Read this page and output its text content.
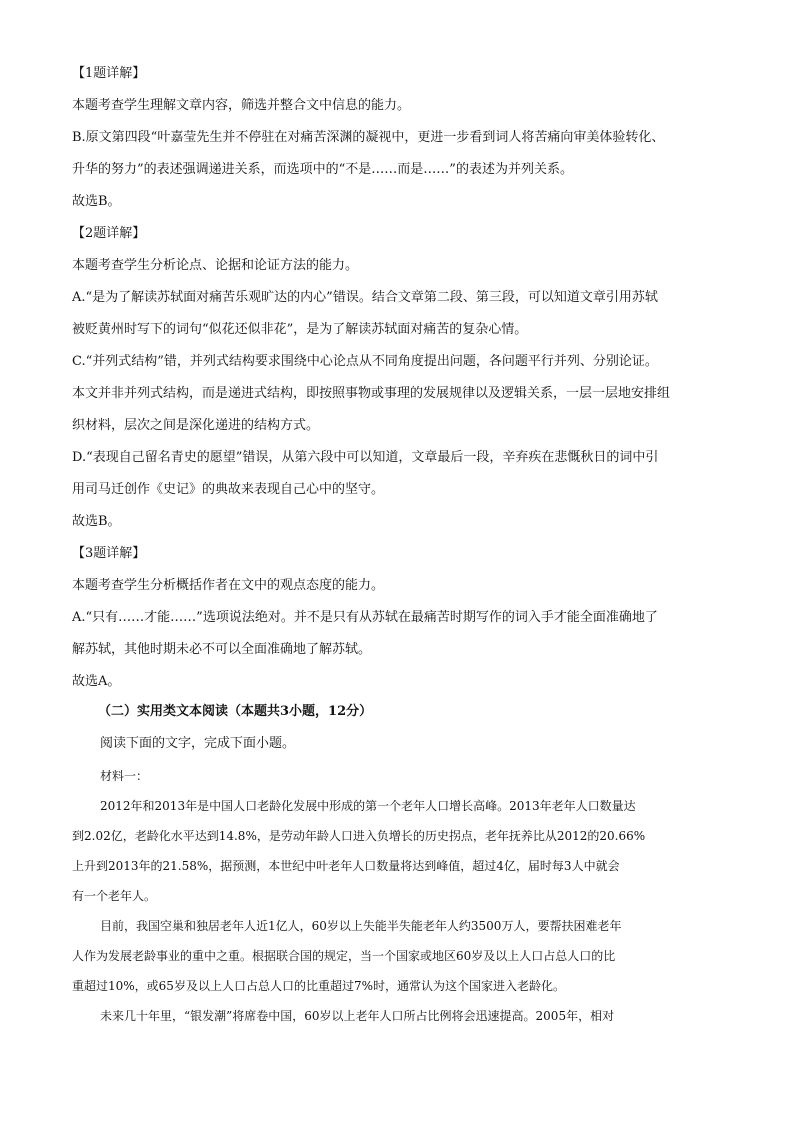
【1题详解】
本题考查学生理解文章内容，筛选并整合文中信息的能力。
B.原文第四段“叶嘉莹先生并不停驻在对痛苦深渊的凝视中，更进一步看到词人将苦痛向审美体验转化、
升华的努力”的表述强调递进关系，而选项中的“不是……而是……”的表述为并列关系。
故选B。
【2题详解】
本题考查学生分析论点、论据和论证方法的能力。
A.“是为了解读苏轼面对痛苦乐观旷达的内心”错误。结合文章第二段、第三段，可以知道文章引用苏轼
被贬黄州时写下的词句“似花还似非花”，是为了解读苏轼面对痛苦的复杂心情。
C.“并列式结构”错，并列式结构要求围绕中心论点从不同角度提出问题，各问题平行并列、分别论证。
本文并非并列式结构，而是递进式结构，即按照事物或事理的发展规律以及逻辑关系，一层一层地安排组
织材料，层次之间是深化递进的结构方式。
D.“表现自己留名青史的愿望”错误，从第六段中可以知道，文章最后一段，辛弃疾在悲慨秋日的词中引
用司马迁创作《史记》的典故来表现自己心中的坚守。
故选B。
【3题详解】
本题考查学生分析概括作者在文中的观点态度的能力。
A.“只有……才能……”选项说法绝对。并不是只有从苏轼在最痛苦时期写作的词入手才能全面准确地了
解苏轼，其他时期未必不可以全面准确地了解苏轼。
故选A。
（二）实用类文本阅读（本题共3小题，12分）
阅读下面的文字，完成下面小题。
材料一：
2012年和2013年是中国人口老龄化发展中形成的第一个老年人口增长高峰。2013年老年人口数量达
到2.02亿，老龄化水平达到14.8%，是劳动年龄人口进入负增长的历史拐点，老年抚养比从2012的20.66%
上升到2013年的21.58%，据预测，本世纪中叶老年人口数量将达到峰值，超过4亿，届时每3人中就会
有一个老年人。
目前，我国空巢和独居老年人近1亿人，60岁以上失能半失能老年人约3500万人，要帮扶困难老年
人作为发展老龄事业的重中之重。根据联合国的规定，当一个国家或地区60岁及以上人口占总人口的比
重超过10%，或65岁及以上人口占总人口的比重超过7%时，通常认为这个国家进入老龄化。
未来几十年里，“银发潮”将席卷中国，60岁以上老年人口所占比例将会迅速提高。2005年，相对
